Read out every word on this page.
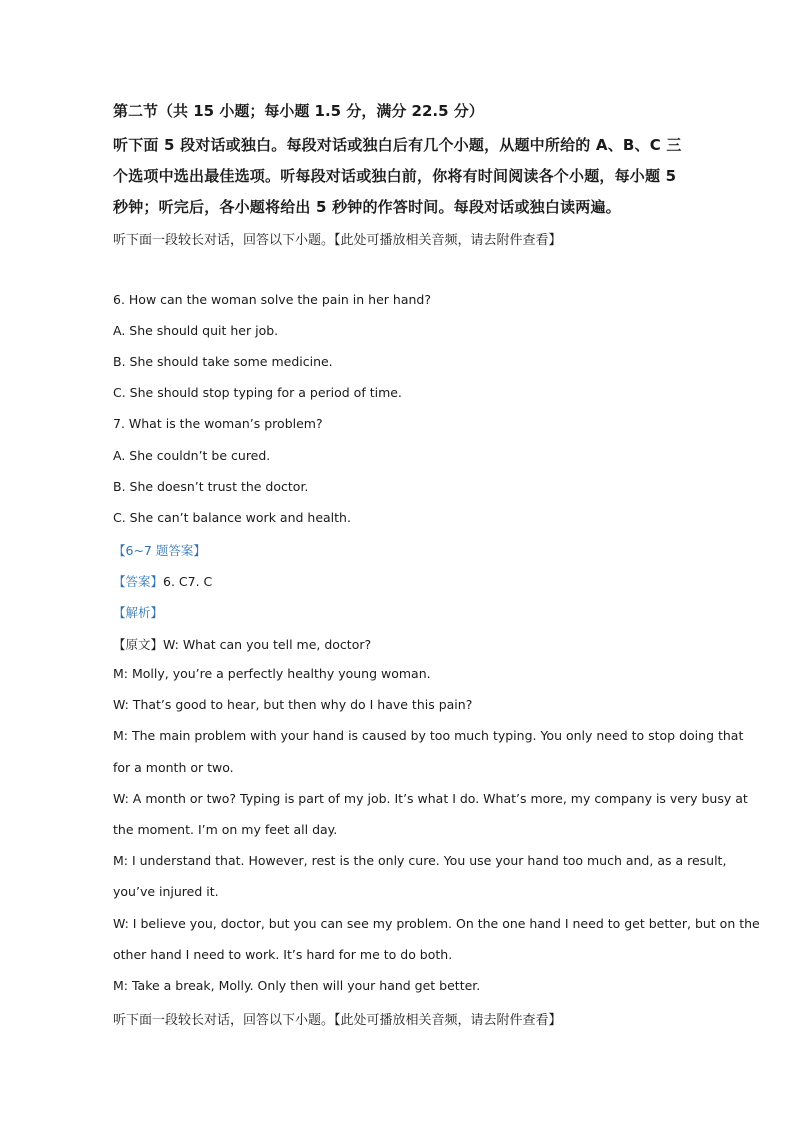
第二节（共 15 小题；每小题 1.5 分，满分 22.5 分）
听下面 5 段对话或独白。每段对话或独白后有几个小题，从题中所给的 A、B、C 三
个选项中选出最佳选项。听每段对话或独白前，你将有时间阅读各个小题，每小题 5
秒钟；听完后，各小题将给出 5 秒钟的作答时间。每段对话或独白读两遍。
听下面一段较长对话，回答以下小题。【此处可播放相关音频，请去附件查看】
6. How can the woman solve the pain in her hand?
A. She should quit her job.
B. She should take some medicine.
C. She should stop typing for a period of time.
7. What is the woman’s problem?
A. She couldn’t be cured.
B. She doesn’t trust the doctor.
C. She can’t balance work and health.
【6~7 题答案】
【答案】6. C7. C
【解析】
【原文】W: What can you tell me, doctor?
M: Molly, you’re a perfectly healthy young woman.
W: That’s good to hear, but then why do I have this pain?
M: The main problem with your hand is caused by too much typing. You only need to stop doing that
for a month or two.
W: A month or two? Typing is part of my job. It’s what I do. What’s more, my company is very busy at
the moment. I’m on my feet all day.
M: I understand that. However, rest is the only cure. You use your hand too much and, as a result,
you’ve injured it.
W: I believe you, doctor, but you can see my problem. On the one hand I need to get better, but on the
other hand I need to work. It’s hard for me to do both.
M: Take a break, Molly. Only then will your hand get better.
听下面一段较长对话，回答以下小题。【此处可播放相关音频，请去附件查看】
